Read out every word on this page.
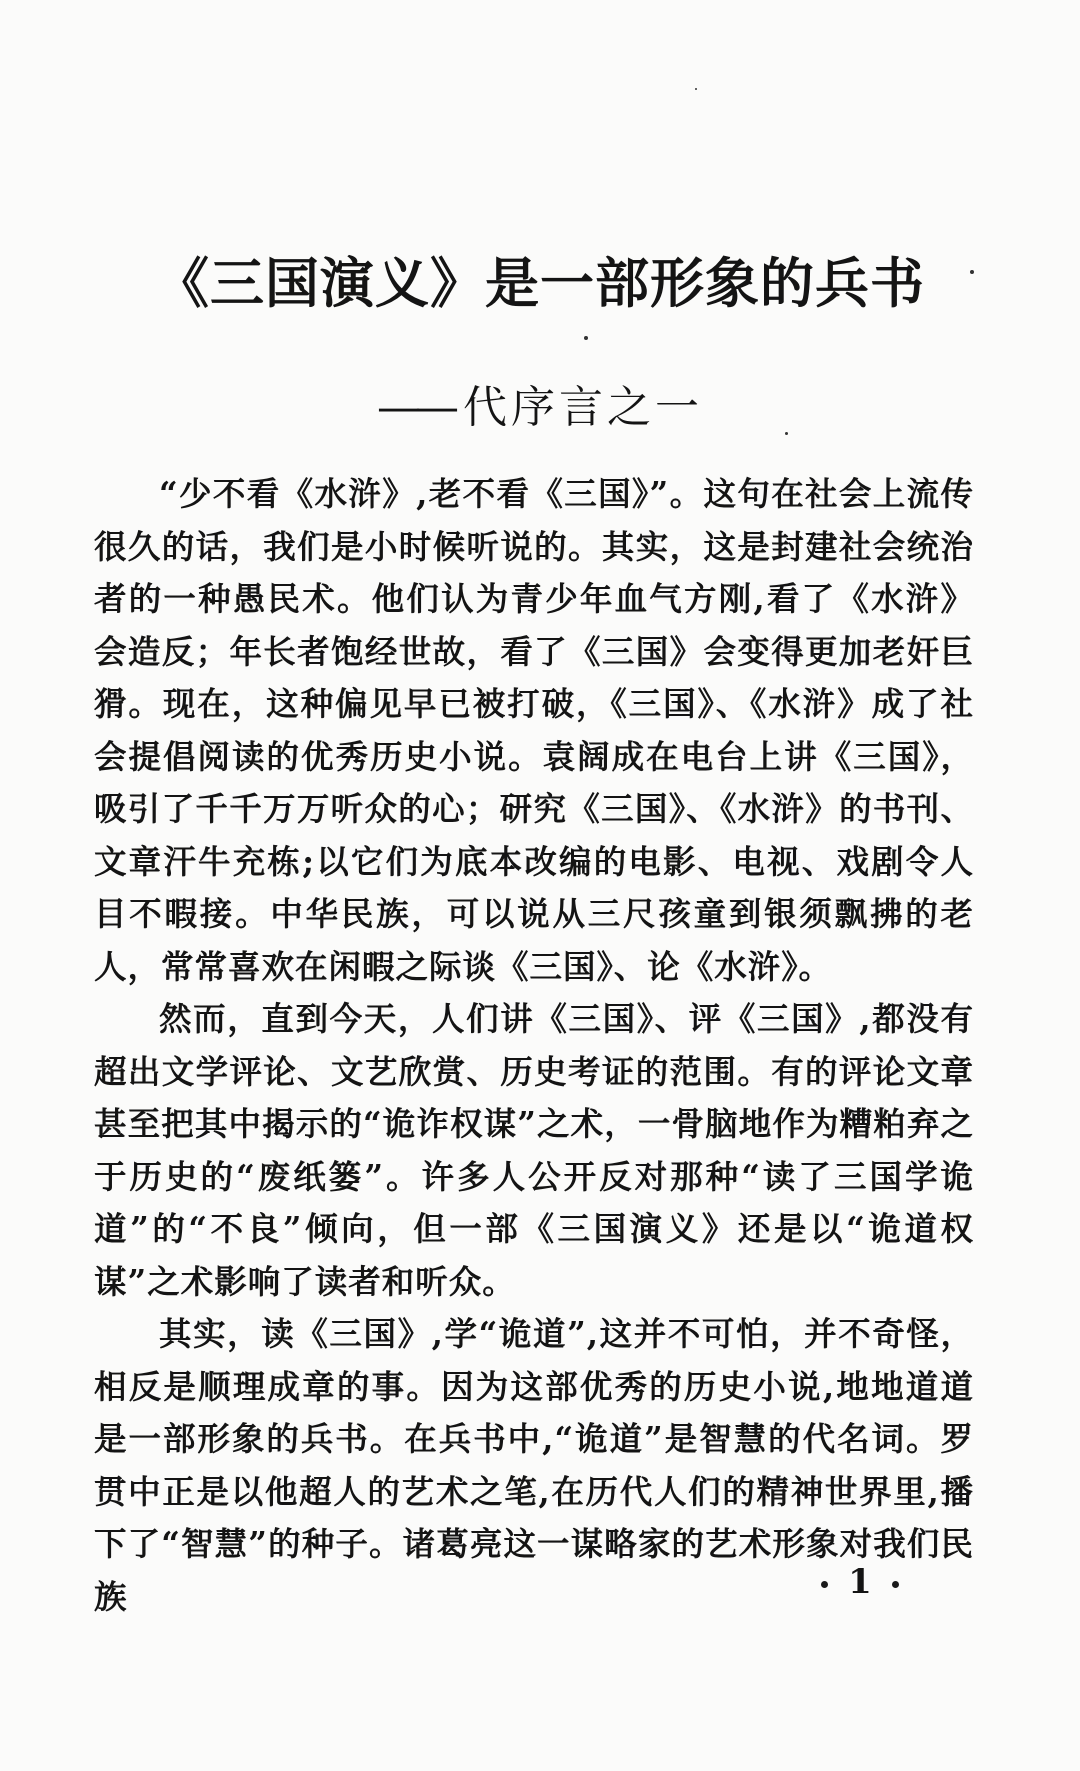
《三国演义》是一部形象的兵书
—— 代序言之一

“少不看《水浒》,老不看《三国》”。这句在社会上流传很久的话，我们是小时候听说的。其实，这是封建社会统治者的一种愚民术。他们认为青少年血气方刚,看了《水浒》会造反；年长者饱经世故，看了《三国》会变得更加老奸巨猾。现在，这种偏见早已被打破，《三国》、《水浒》成了社会提倡阅读的优秀历史小说。袁阔成在电台上讲《三国》，吸引了千千万万听众的心；研究《三国》、《水浒》的书刊、文章汗牛充栋;以它们为底本改编的电影、电视、戏剧令人目不暇接。中华民族，可以说从三尺孩童到银须飘拂的老人，常常喜欢在闲暇之际谈《三国》、论《水浒》。

然而，直到今天，人们讲《三国》、评《三国》,都没有超出文学评论、文艺欣赏、历史考证的范围。有的评论文章甚至把其中揭示的“诡诈权谋”之术，一骨脑地作为糟粕弃之于历史的“废纸篓”。许多人公开反对那种“读了三国学诡道”的“不良”倾向，但一部《三国演义》还是以“诡道权谋”之术影响了读者和听众。

其实，读《三国》,学“诡道”,这并不可怕，并不奇怪，相反是顺理成章的事。因为这部优秀的历史小说,地地道道是一部形象的兵书。在兵书中,“诡道”是智慧的代名词。罗贯中正是以他超人的艺术之笔,在历代人们的精神世界里,播下了“智慧”的种子。诸葛亮这一谋略家的艺术形象对我们民族	1
